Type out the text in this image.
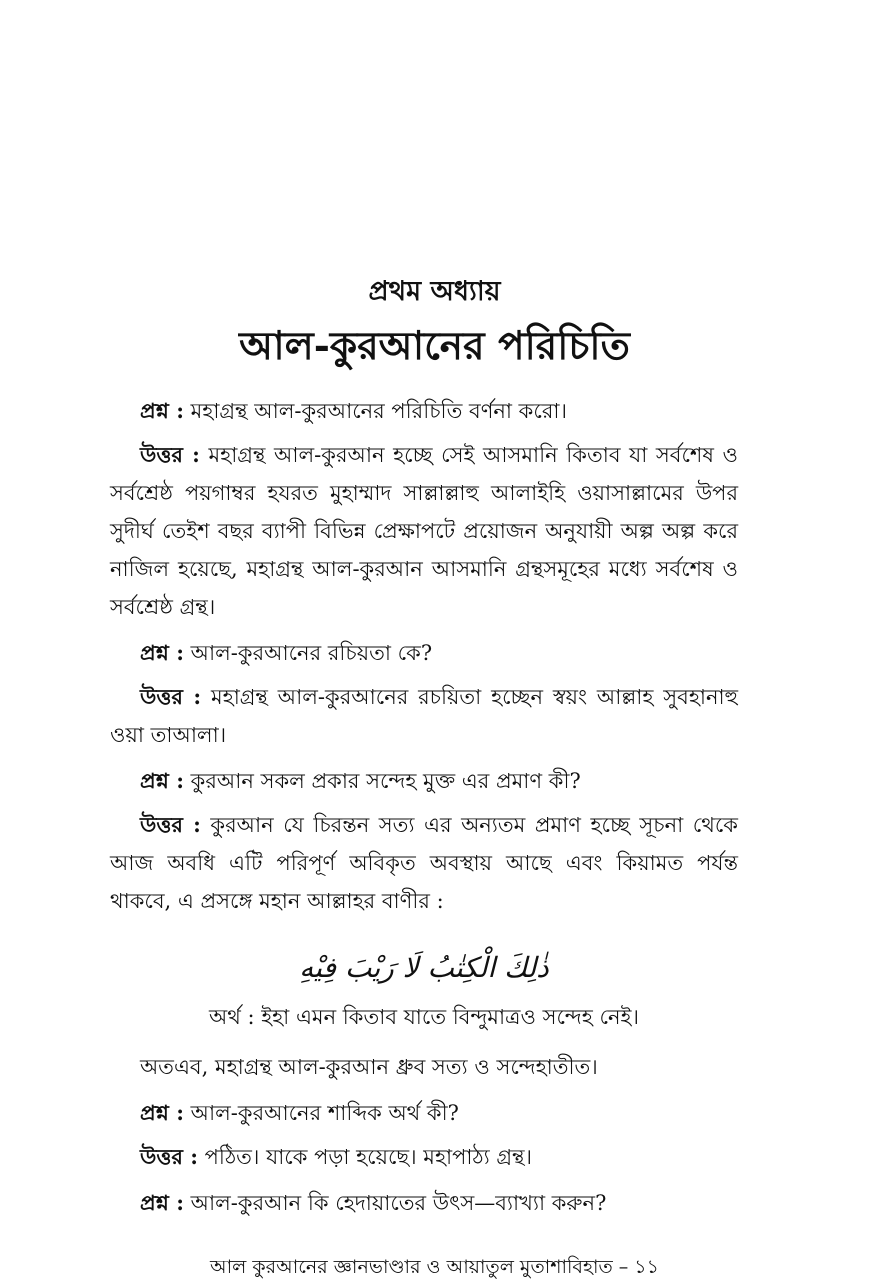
প্রথম অধ্যায়
আল-কুরআনের পরিচিতি

প্রশ্ন : মহাগ্রন্থ আল-কুরআনের পরিচিতি বর্ণনা করো।

উত্তর : মহাগ্রন্থ আল-কুরআন হচ্ছে সেই আসমানি কিতাব যা সর্বশেষ ও সর্বশ্রেষ্ঠ পয়গাম্বর হযরত মুহাম্মাদ সাল্লাল্লাহু আলাইহি ওয়াসাল্লামের উপর সুদীর্ঘ তেইশ বছর ব্যাপী বিভিন্ন প্রেক্ষাপটে প্রয়োজন অনুযায়ী অল্প অল্প করে নাজিল হয়েছে, মহাগ্রন্থ আল-কুরআন আসমানি গ্রন্থসমূহের মধ্যে সর্বশেষ ও সর্বশ্রেষ্ঠ গ্রন্থ।

প্রশ্ন : আল-কুরআনের রচিয়তা কে?

উত্তর : মহাগ্রন্থ আল-কুরআনের রচয়িতা হচ্ছেন স্বয়ং আল্লাহ সুবহানাহু ওয়া তাআলা।

প্রশ্ন : কুরআন সকল প্রকার সন্দেহ মুক্ত এর প্রমাণ কী?

উত্তর : কুরআন যে চিরন্তন সত্য এর অন্যতম প্রমাণ হচ্ছে সূচনা থেকে আজ অবধি এটি পরিপূর্ণ অবিকৃত অবস্থায় আছে এবং কিয়ামত পর্যন্ত থাকবে, এ প্রসঙ্গে মহান আল্লাহর বাণীর :

ذٰلِكَ الْكِتٰبُ لَا رَيْبَ فِيْهِ
অর্থ : ইহা এমন কিতাব যাতে বিন্দুমাত্রও সন্দেহ নেই।

অতএব, মহাগ্রন্থ আল-কুরআন ধ্রুব সত্য ও সন্দেহাতীত।

প্রশ্ন : আল-কুরআনের শাব্দিক অর্থ কী?

উত্তর : পঠিত। যাকে পড়া হয়েছে। মহাপাঠ্য গ্রন্থ।

প্রশ্ন : আল-কুরআন কি হেদায়াতের উৎস—ব্যাখ্যা করুন?

আল কুরআনের জ্ঞানভাণ্ডার ও আয়াতুল মুতাশাবিহাত – ১১
